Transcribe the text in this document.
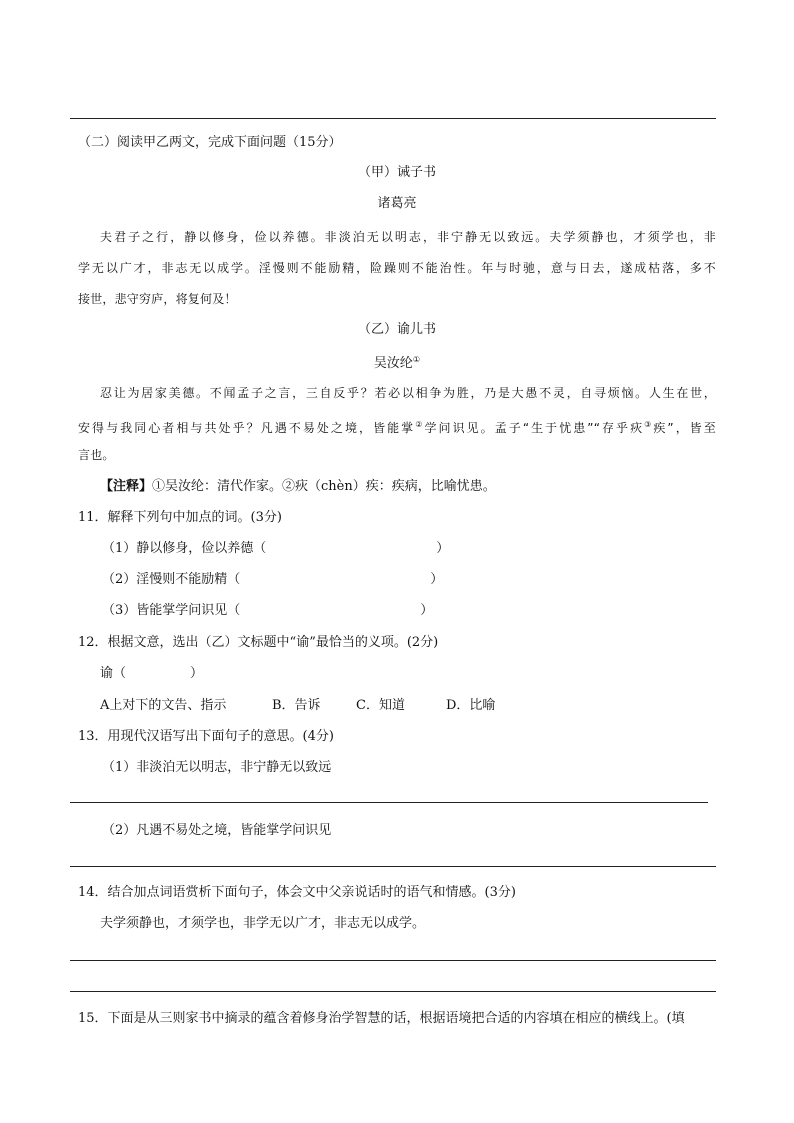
（二）阅读甲乙两文，完成下面问题（15分）
（甲）诫子书
诸葛亮
夫君子之行，静以修身，俭以养德。非淡泊无以明志，非宁静无以致远。夫学须静也，才须学也，非
学无以广才，非志无以成学。淫慢则不能励精，险躁则不能治性。年与时驰，意与日去，遂成枯落，多不
接世，悲守穷庐，将复何及！
（乙）谕儿书
吴汝纶①
忍让为居家美德。不闻孟子之言，三自反乎？若必以相争为胜，乃是大愚不灵，自寻烦恼。人生在世，
安得与我同心者相与共处乎？凡遇不易处之境，皆能掌②学问识见。孟子“生于忧患”“存乎疢③疾”，皆至
言也。
【注释】①吴汝纶：清代作家。②疢（chèn）疾：疾病，比喻忧患。
11．解释下列句中加点的词。(3分)
（1）静以修身，俭以养德（	）
（2）淫慢则不能励精（	）
（3）皆能掌学问识见（	）
12．根据文意，选出（乙）文标题中“谕”最恰当的义项。(2分)
谕（	）
A上对下的文告、指示	B．告诉	C．知道	D．比喻
13．用现代汉语写出下面句子的意思。(4分)
（1）非淡泊无以明志，非宁静无以致远
（2）凡遇不易处之境，皆能掌学问识见
14．结合加点词语赏析下面句子，体会文中父亲说话时的语气和情感。(3分)
夫学须静也，才须学也，非学无以广才，非志无以成学。
15．下面是从三则家书中摘录的蕴含着修身治学智慧的话，根据语境把合适的内容填在相应的横线上。(填
